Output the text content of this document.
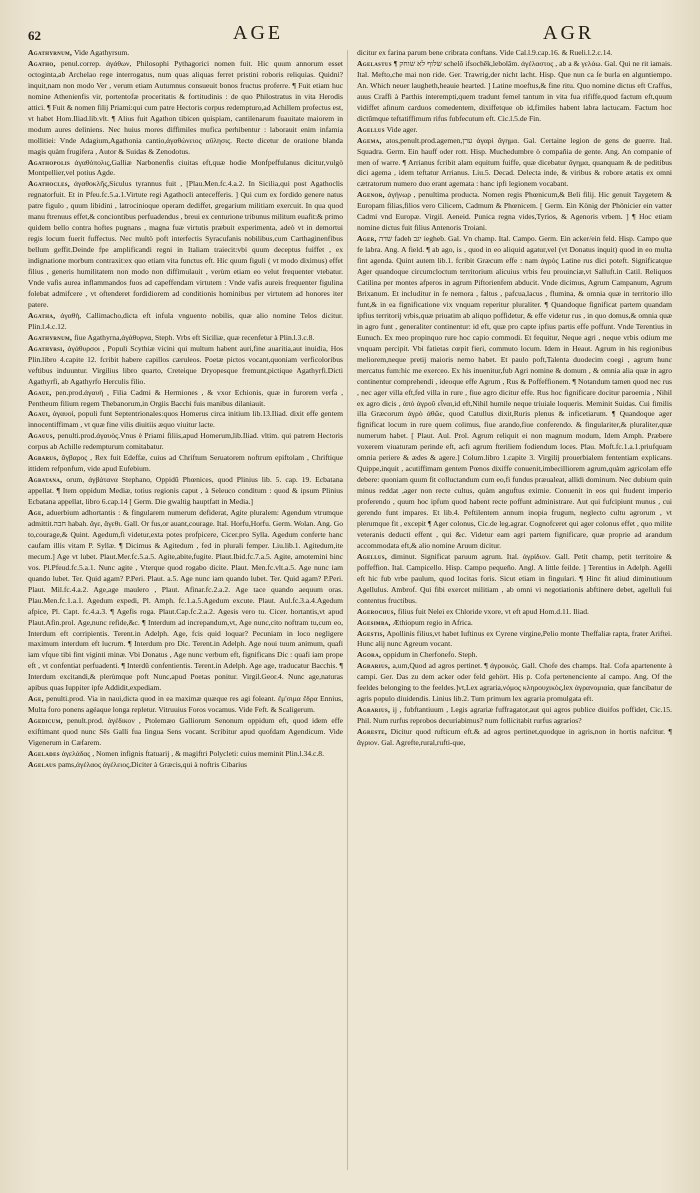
62	AGE	AGR

Agathyrnum, Vide Agathyrsum.

Agatho, penul.correp. ἀγάθων, Philosophi Pythagorici nomen fuit. Hic quum annorum esset octoginta,ab Archelao rege interrogatus, num quas aliquas ferret pristini roboris reliquias. Quidni? inquit,nam non modo Ver , verum etiam Autumnus consueuit bonos fructus proferre. ¶ Fuit etiam huc nomine Athenienfis vir, portentofæ proceritatis & fortitudinis : de quo Philostratus in vita Herodis attici. ¶ Fuit & nomen filij Priami:qui cum patre Hectoris corpus redempturo,ad Achillem profectus est, vt habet Hom.Iliad.lib.vlt. ¶ Alius fuit Agathon tibicen quispiam, cantilenarum fuauitate maiorem in modum aures deliniens. Nec huius mores diffimiles mufica perhibentur : laborauit enim infamia mollitiei: Vnde Adagium,Agathonia cantio,ἀγαθώνειος αὔλησις. Recte dicetur de oratione blanda magis quàm frugifera , Autor & Suidas & Zenodotus.

Agathopolis ἀγαθόπολις,Galliæ Narbonenfis ciuitas eft,quæ hodie Monfpeffulanus dicitur,vulgò Montpellier,vel potius Agde.

Agathocles, ἀγαθοκλῆς,Siculus tyrannus fuit , [Plau.Men.fc.4.a.2. In Sicilia,qui post Agathoclis regnatorfuit. Et in Pfeu.fc.5.a.1.Virtute regi Agathocli antecefferis. ] Qui cum ex fordido genere natus patre figulo , quum libidini , latrocinioque operam dediffet, gregarium militiam exercuit. In qua quod manu ftrenuus effet,& conciontibus perfuadendus , breui ex centurione tribunus militum euafit:& primo quidem bello contra hoftes pugnans , magna fuæ virtutis præbuit experimenta, adeò vt in demortui regis locum fuerit fuffectus. Nec multò poft interfectis Syracufanis nobilibus,cum Carthaginenfibus bellum geffit.Deinde fpe amplificandi regni in Italiam traiecit:vbi quum deceptus fuiffet , ex indignatione morbum contraxit:ex quo etiam vita functus eft. Hic quum figuli ( vt modo diximus) effet filius , generis humilitatem non modo non diffimulauit , verùm etiam eo velut frequenter vtebatur. Vnde vafis aurea inflammandos fuos ad capeffendam virtutem : Vnde vafis aureis frequenter figulina folebat admifcere , vt oftenderet fordidiorem ad conditionis hominibus per virtutem ad honores iter patere.

Agatha, ἀγαθὴ, Callimacho,dicta eft infula vnguento nobilis, quæ alio nomine Telos dicitur. Plin.l.4.c.12.

Agathyrnum, fiue Agathyrna,ἀγάθυρνα, Steph. Vrbs eft Siciliæ, quæ recenfetur à Plin.l.3.c.8.

Agathyrsi, ἀγάθυρσοι , Populi Scythiæ vicini qui multum habent auri,fine auaritia,aut inuidia, Hos Plin.libro 4.capite 12. fcribit habere capillos cæruleos. Poetæ pictos vocant,quoniam verficoloribus veftibus induuntur. Virgilius libro quarto, Creteique Dryopesque fremunt,pictique Agathyrfi.Dicti Agathyrfi, ab Agathyrfo Herculis filio.

Agaue, pen.prod.ἀγαυὴ , Filia Cadmi & Hermiones , & vxor Echionis, quæ in furorem verfa , Pentheum filium regem Thebanorum,in Orgiis Bacchi fuis manibus dilaniauit.

Agaui, ἀγαυοὶ, populi funt Septentrionales:quos Homerus circa initium lib.13.Iliad. dixit effe gentem innocentiffimam , vt quæ fine vilis diuitiis æquo viuitur lacte.

Agauus, penulti.prod.ἀγαυὸς.Vnus è Priami filiis,apud Homerum,lib.Iliad. vltim. qui patrem Hectoris corpus ab Achille redempturum comitabatur.

Agbarus, ἄγβαρος , Rex fuit Edeffæ, cuius ad Chriftum Seruatorem noftrum epiftolam , Chriftique ittidem refponfum, vide apud Eufebium.

Agbatana, orum, ἀγβάτανα Stephano, Oppidū Phœnices, quod Plinius lib. 5. cap. 19. Ecbatana appellat. ¶ Item oppidum Mediæ, totius regionis caput , à Seleuco conditum : quod & ipsum Plinius Ecbatana appellat, libro 6.cap.14 [ Germ. Die gwaltig hauptfatt in Media.]

Age, aduerbium adhortantis : & fingularem numerum defiderat, Agite pluralem: Agendum vtrumque admittit.חבה habah. ἄγε, ἄγεθι. Gall. Or fus,or auant,courage. Ital. Horfu,Horfu. Germ. Wolan. Ang. Go to,courage,& Quint. Agedum,fi videtur,exta potes profpicere, Cicer.pro Sylla. Agedum conferte hanc caufam illis vitam P. Syllæ. ¶ Dicimus & Agitedum , fed in plurali femper. Liu.lib.1. Agitedum,ite mecum.] Age vt lubet. Plaut.Mer.fc.5.a.5. Agite,abite,fugite. Plaut.Ibid.fc.7.a.5. Agite, amotemini hinc vos. Pl.Pfeud.fc.5.a.1. Nunc agite , Vterque quod rogabo dicite. Plaut. Men.fc.vlt.a.5. Age nunc iam quando lubet. Ter. Quid agam? P.Peri. Plaut. a.5. Age nunc iam quando lubet. Ter. Quid agam? P.Peri. Plaut. Mil.fc.4.a.2. Age,age maulero , Plaut. Afinar.fc.2.a.2. Age tace quando aequum oras. Plau.Men.fc.1.a.1. Agedum expedi, Pl. Amph. fc.1.a.5.Agedum excute. Plaut. Aul.fc.3.a.4.Agedum afpice, Pl. Capt. fc.4.a.3. ¶ Agefis roga. Plaut.Cap.fc.2.a.2. Agesis vero tu. Cicer. hortantis,vt apud Plaut.Afin.prol. Age,nunc refide,&c. ¶ Interdum ad increpandum,vt, Age nunc,cito noftram tu,cum eo, Interdum eft corripientis. Terent.in Adelph. Age, fcis quid loquar? Pecuniam in loco negligere maximum interdum eft lucrum. ¶ Interdum pro Dic. Terent.in Adelph. Age noui tuum animum, quafi iam vfque tibi fint viginti minæ. Vbi Donatus , Age nunc verbum eft, fignificans Dic : quafi iam prope eft , vt confentiat perfuadenti. ¶ Interdū confentientis. Terent.in Adelph. Age age, traducatur Bacchis. ¶ Interdum excitandi,& plerùmque poft Nunc,apud Poetas ponitur. Virgil.Geor.4. Nunc age,naturas apibus quas Iuppiter ipfe Addidit,expediam.

Age, penulti.prod. Via in naui,dicta quod in ea maximæ quæque res agi foleant. ἔμ'σιμα ἔδρα Ennius, Multa foro ponens agéaque longa repletur. Vitruuius Foros vocamus. Vide Feft. & Scaligerum.

Agedicum, penult.prod. ἀγέδικον , Ptolemæo Galliorum Senonum oppidum eft, quod idem effe exiftimant quod nunc Sēs Galli fua lingua Sens vocant. Scribitur apud quofdam Agendicum. Vide Vigenerum in Cæfarem.

Agelades ἀγελάδας , Nomen infignis ftatuarij , & magiftri Polycleti: cuius meminit Plin.l.34.c.8.

Agelaus pams,ἀγέλαος ἀγέλειος,Diciter à Græcis,qui à noftris Cibarius

dicitur ex farina parum bene cribrata conftans. Vide Cal.l.9.cap.16. & Rueli.l.2.c.14.

Agelastus ¶ שלוף לא שוחק schelō ifsochēk,lebolām. ἀγέλαστος , ab a & γελάω. Gal. Qui ne rit iamais. Ital. Mefto,che mai non ride. Ger. Trawrig,der nicht lacht. Hisp. Que nun ca ſe burla en alguntiempo. An. Which neuer laugheth,heauie hearted. ] Latine moeftus,& fine ritu. Quo nomine dictus eft Craffus, auus Craffi à Parthis interempti,quem tradunt femel tantum in vita fua rififfe,quod factum eft,quum vidiffet afinum carduos comedentem, dixiffetque ob id,fimiles habent labra lactucam. Factum hoc dictūmque teftatiffimum rifus fubfecutum eft. Cic.l.5.de Fin.

Agellus Vide ager.

Agema, atos,penult.prod.agemen,ערן ἀγαρὶ ἄγημα. Gal. Certaine legion de gens de guerre. Ital. Squadra. Germ. Ein hauff oder rott. Hisp. Muchedumbre ò compañia de gente. Ang. An companie of men of warre. ¶ Arrianus fcribit alam equitum fuiffe, quæ dicebatur ἄγημα, quanquam & de peditibus dici agema , idem teftatur Arrianus. Liu.5. Decad. Delecta inde, & viribus & robore ætatis ex omni cætratorum numero duo erant agemata : hanc ipfi legionem vocabant.

Agenor, ἀγήνωρ , penultima producta. Nomen regis Phœnicum,& Beli filij. Hic genuit Taygetem & Europam filias,filios vero Cilicem, Cadmum & Phœnicem. [ Germ. Ein König der Phönicier ein vatter Cadmi vnd Europæ. Virgil. Aeneid. Punica regna vides,Tyrios, & Agenoris vrbem. ] ¶ Hoc etiam nomine dictus fuit filius Antenoris Troiani.

Ager, שדה fadeh יגב iegheb. Gal. Vn champ. Ital. Campo. Germ. Ein acker/ein feld. Hisp. Campo que fe labra. Ang. A field. ¶ ab ago, is , quod in eo aliquid agatur,vel (vt Donatus inquit) quod in eo multa fint agenda. Quint autem lib.1. fcribit Græcum effe : nam ἀγρὸς Latine rus dici poteft. Significatque Ager quandoque circumcloctum territorium alicuius vrbis feu prouinciæ,vt Salluft.in Catil. Reliquos Catilina per montes afperos in agrum Piftorienfem abducit. Vnde dicimus, Agrum Campanum, Agrum Brixanum. Et includitur in fe nemora , faltus , pafcua,lacus , flumina, & omnia quæ in territorio illo funt,& in ea fignificatione vix vnquam reperitur pluraliter. ¶ Quandoque fignificat partem quandam ipfius territorij vrbis,quæ priuatim ab aliquo poffidetur, & effe videtur rus , in quo domus,& omnia quæ in agro funt , generaliter continentur: id eft, quæ pro capte ipfius partis effe poffunt. Vnde Terentius in Eunuch. Ex meo propinquo rure hoc capio commodi. Et fequitur, Neque agri , neque vrbis odium me vnquam percipit. Vbi fatietas cœpit fieri, commuto locum. Idem in Heaut. Agrum in his regionibus meliorem,neque pretij maioris nemo habet. Et paulo poft,Talenta duodecim coegi , agrum hunc mercatus fum:hic me exerceo. Ex his inuenitur,fub Agri nomine & domum , & omnia alia quæ in agro continentur comprehendi , ideoque effe Agrum , Rus & Poffeffionem. ¶ Notandum tamen quod nec rus , nec ager villa eft,fed villa in rure , fiue agro dicitur effe. Rus hoc fignificare docitur paroemia , Nihil ex agro dicis , ἀπὸ ἀγροῦ εἶναι,id eft,Nihil humile neque triuiale loqueris. Meminit Suidas. Cui fimilis illa Græcorum ἀγρὸ ἀθῶε, quod Catullus dixit,Ruris plenus & inficetiarum. ¶ Quandoque ager fignificat locum in rure quem colimus, fiue arando,fiue conferendo. & fingulariter,& pluraliter,quæ numerum habet. [ Plaut. Aul. Prol. Agrum reliquit ei non magnum modum, Idem Amph. Præbere voxerem viuaturam perinde eft, acfi agrum fteriliem fodiendum loces. Plau. Moft.fc.1.a.1.priufquam omnia periere & ædes & agere.] Colum.libro 1.capite 3. Virgilij prouerbialem fententiam explicans. Quippe,inquit , acutiffimam gentem Pœnos dixiffe conuenit,imbecilliorem agrum,quàm agricolam effe debere: quoniam quum fit colluctandum cum eo,fi fundus præualeat, allidi dominum. Nec dubium quin minus reddat ,ager non recte cultus, quàm anguftus eximie. Conuenit in eos qui ftudent imperio proferendo , quum hoc ipfum quod habent recte poffunt administrare. Aut qui fufcipiunt munus , cui gerendo funt impares. Et lib.4. Peftilentem annum inopia frugum, neglecto cultu agrorum , vt plerumque fit , excepit ¶ Ager colonus, Cic.de leg.agrar. Cognofceret qui ager colonus effet , quo milite veteranis deducti effent , qui &c. Videtur eam agri partem fignificare, quæ proprie ad arandum accommodata eft,& alio nomine Aruum dicitur.

Agellus, diminut. Significat paruum agrum. Ital. ἀγρίδιον. Gall. Petit champ, petit territoire & poffeffion. Ital. Campicello. Hisp. Campo pequeño. Angl. A little feilde. ] Terentius in Adelph. Agelli eft hic fub vrbe paulum, quod locitas foris. Sicut etiam in fingulari. ¶ Hinc fit aliud diminutiuum Agellulus. Ambrof. Qui fibi exercet militiam , ab omni vi negotiationis abftinere debet, agelluli fui contentus fructibus.

Agerochus, filius fuit Nelei ex Chloride vxore, vt eft apud Hom.d.11. Iliad.

Agesimba, Æthiopum regio in Africa.

Agestis, Apollinis filius,vt habet Iuftinus ex Cyrene virgine,Pelio monte Theffaliæ rapta, frater Ariftei. Hunc alij nunc Agreum vocant.

Agora, oppidum in Cherfonefo. Steph.

Agrarius, a,um,Quod ad agros pertinet. ¶ ἀγροικός. Gall. Chofe des champs. Ital. Cofa apartenente à campi. Ger. Das zu dem acker oder feld gehört. His p. Cofa pertenenciente al campo. Ang. Of the feeldes belonging to the feeldes.]vt,Lex agraria,νόμος κληρουχικὸς,lex ἀγρανομιαία, quæ fancibatur de agris populo diuidendis. Linius lib.2. Tum primum lex agraria promulgata eft.

Agrarius, ij , fubftantiuum , Legis agrariæ fuffragator,aut qui agros publice diuifos poffidet, Cic.15. Phil. Num rurfus reprobos decuriabimus? num follicitabit rurfus agrarios?

Agreste, Dicitur quod rufticum eft.& ad agros pertinet,quodque in agris,non in hortis nafcitur. ¶ ἄγριον. Gal. Agrefte,rural,rufti-que,
